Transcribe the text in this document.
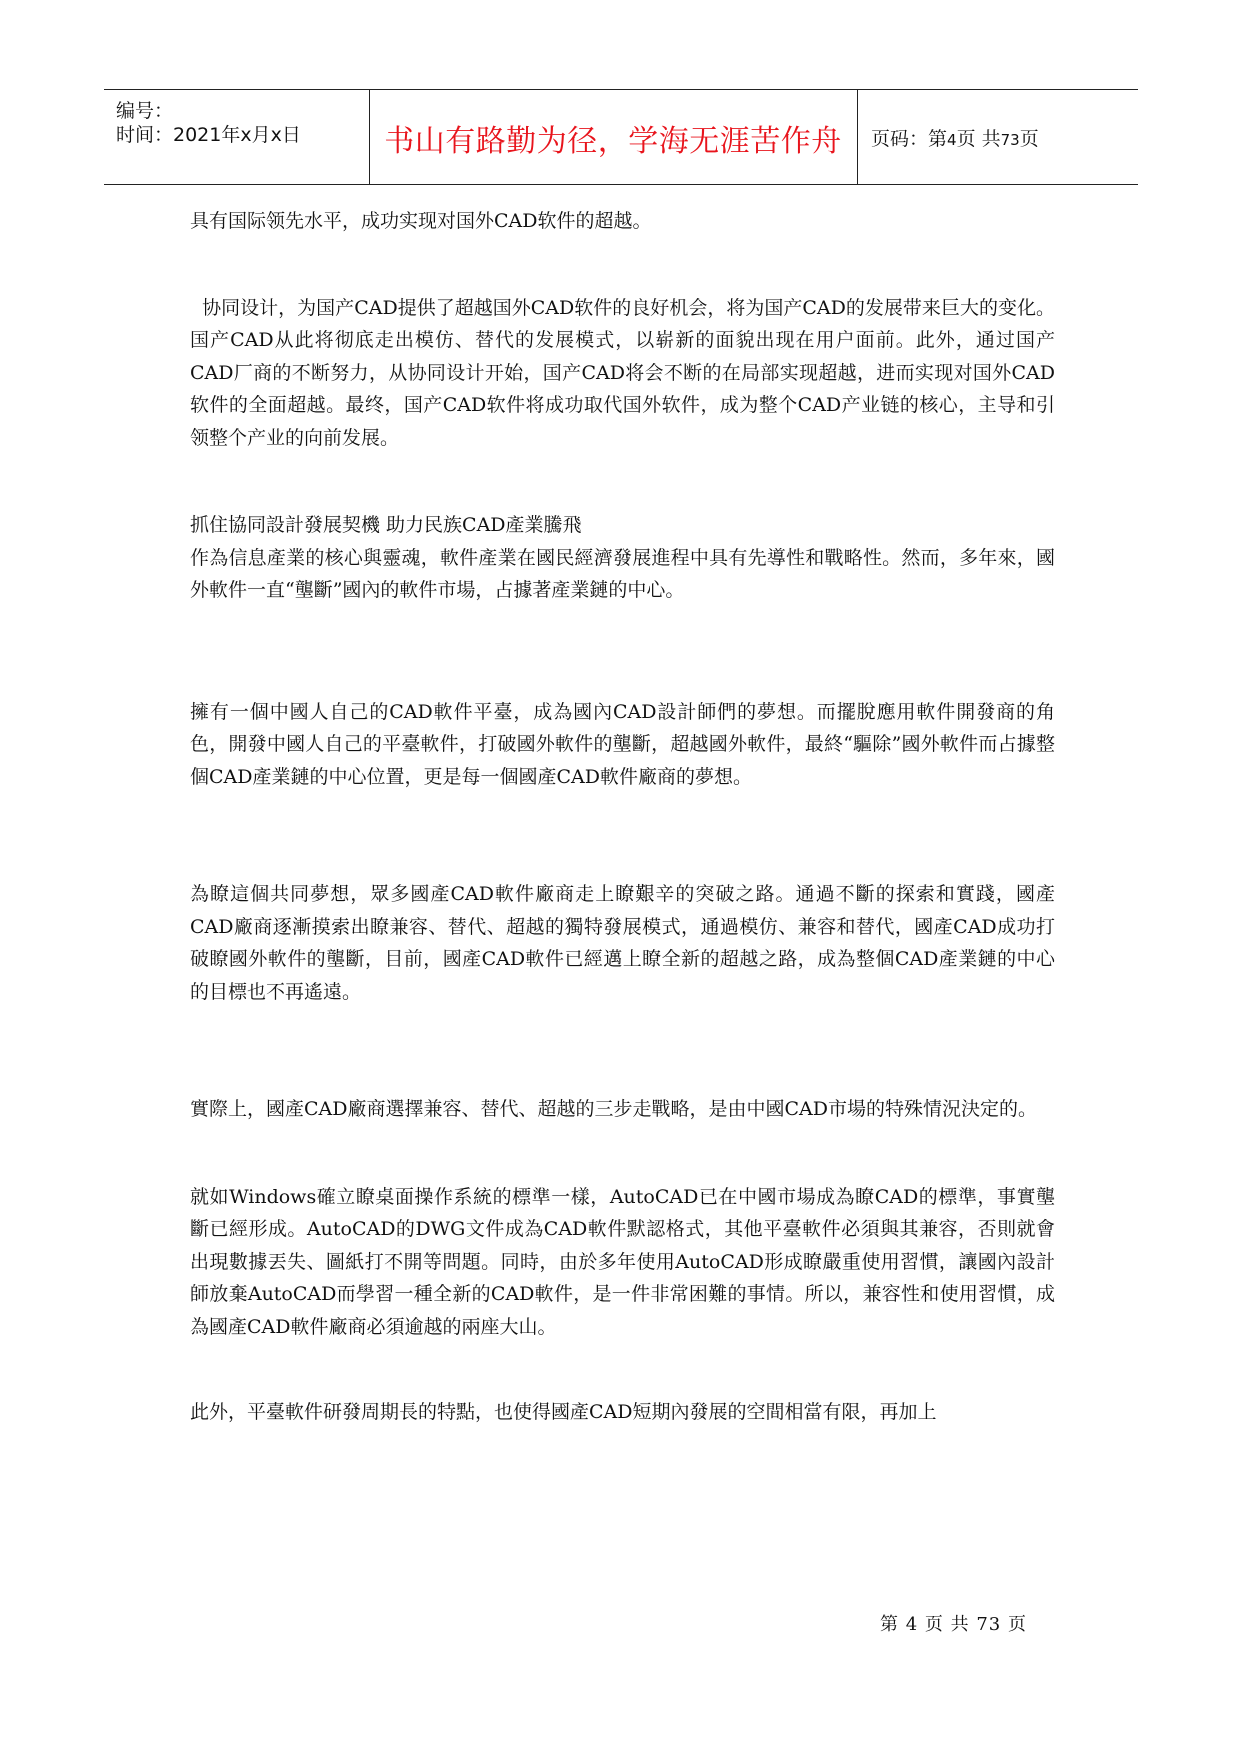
编号：
时间：2021年x月x日	书山有路勤为径，学海无涯苦作舟	页码：第4页 共73页

具有国际领先水平，成功实现对国外CAD软件的超越。

协同设计，为国产CAD提供了超越国外CAD软件的良好机会，将为国产CAD的发展带来巨大的变化。国产CAD从此将彻底走出模仿、替代的发展模式，以崭新的面貌出现在用户面前。此外，通过国产CAD厂商的不断努力，从协同设计开始，国产CAD将会不断的在局部实现超越，进而实现对国外CAD软件的全面超越。最终，国产CAD软件将成功取代国外软件，成为整个CAD产业链的核心，主导和引领整个产业的向前发展。

抓住協同設計發展契機 助力民族CAD產業騰飛

作為信息產業的核心與靈魂，軟件產業在國民經濟發展進程中具有先導性和戰略性。然而，多年來，國外軟件一直“壟斷”國內的軟件市場，占據著產業鏈的中心。

擁有一個中國人自己的CAD軟件平臺，成為國內CAD設計師們的夢想。而擺脫應用軟件開發商的角色，開發中國人自己的平臺軟件，打破國外軟件的壟斷，超越國外軟件，最終“驅除”國外軟件而占據整個CAD產業鏈的中心位置，更是每一個國產CAD軟件廠商的夢想。

為瞭這個共同夢想，眾多國產CAD軟件廠商走上瞭艱辛的突破之路。通過不斷的探索和實踐，國產CAD廠商逐漸摸索出瞭兼容、替代、超越的獨特發展模式，通過模仿、兼容和替代，國產CAD成功打破瞭國外軟件的壟斷，目前，國產CAD軟件已經邁上瞭全新的超越之路，成為整個CAD產業鏈的中心的目標也不再遙遠。

實際上，國產CAD廠商選擇兼容、替代、超越的三步走戰略，是由中國CAD市場的特殊情況決定的。

就如Windows確立瞭桌面操作系統的標準一樣，AutoCAD已在中國市場成為瞭CAD的標準，事實壟斷已經形成。AutoCAD的DWG文件成為CAD軟件默認格式，其他平臺軟件必須與其兼容，否則就會出現數據丟失、圖紙打不開等問題。同時，由於多年使用AutoCAD形成瞭嚴重使用習慣，讓國內設計師放棄AutoCAD而學習一種全新的CAD軟件，是一件非常困難的事情。所以，兼容性和使用習慣，成為國產CAD軟件廠商必須逾越的兩座大山。

此外，平臺軟件研發周期長的特點，也使得國產CAD短期內發展的空間相當有限，再加上

第 4 页 共 73 页
